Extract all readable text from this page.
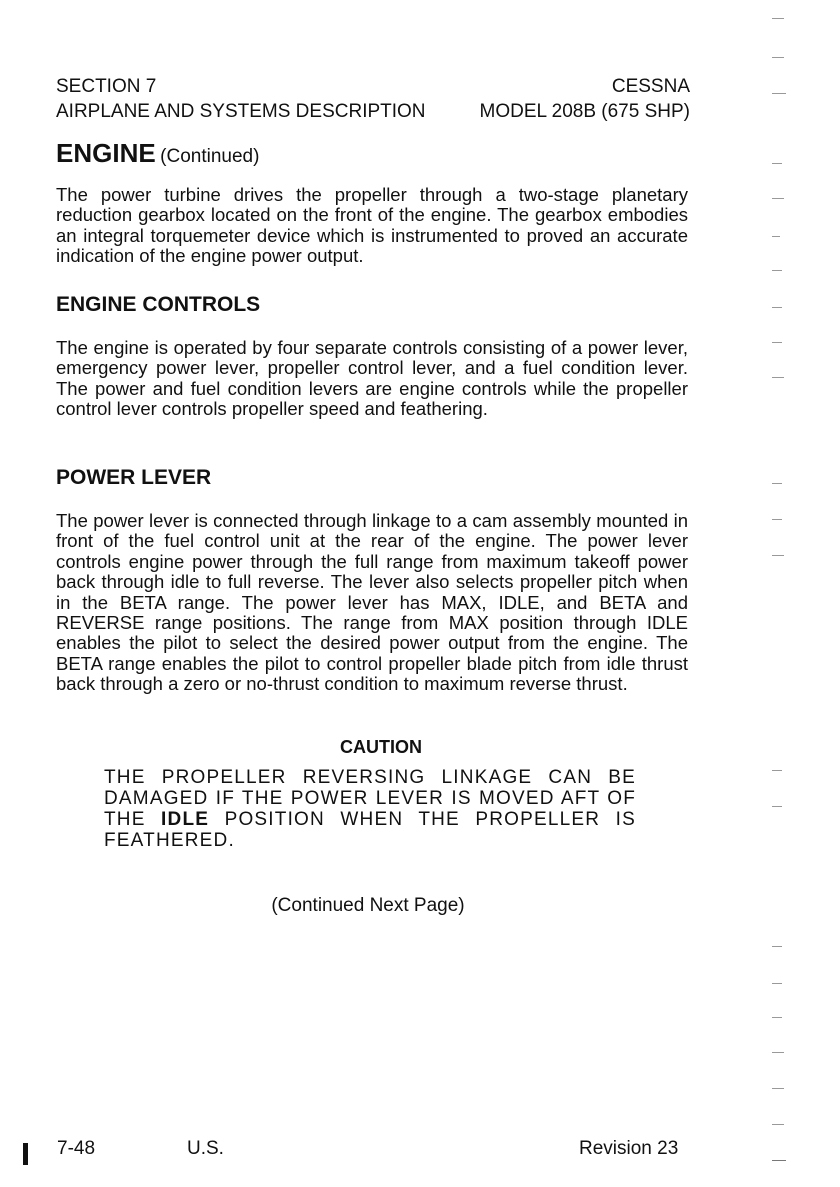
SECTION 7	CESSNA
AIRPLANE AND SYSTEMS DESCRIPTION	MODEL 208B (675 SHP)
ENGINE (Continued)
The power turbine drives the propeller through a two-stage planetary reduction gearbox located on the front of the engine. The gearbox embodies an integral torquemeter device which is instrumented to proved an accurate indication of the engine power output.
ENGINE CONTROLS
The engine is operated by four separate controls consisting of a power lever, emergency power lever, propeller control lever, and a fuel condition lever. The power and fuel condition levers are engine controls while the propeller control lever controls propeller speed and feathering.
POWER LEVER
The power lever is connected through linkage to a cam assembly mounted in front of the fuel control unit at the rear of the engine. The power lever controls engine power through the full range from maximum takeoff power back through idle to full reverse. The lever also selects propeller pitch when in the BETA range. The power lever has MAX, IDLE, and BETA and REVERSE range positions. The range from MAX position through IDLE enables the pilot to select the desired power output from the engine. The BETA range enables the pilot to control propeller blade pitch from idle thrust back through a zero or no-thrust condition to maximum reverse thrust.
CAUTION
THE PROPELLER REVERSING LINKAGE CAN BE DAMAGED IF THE POWER LEVER IS MOVED AFT OF THE IDLE POSITION WHEN THE PROPELLER IS FEATHERED.
(Continued Next Page)
7-48	U.S.	Revision 23
